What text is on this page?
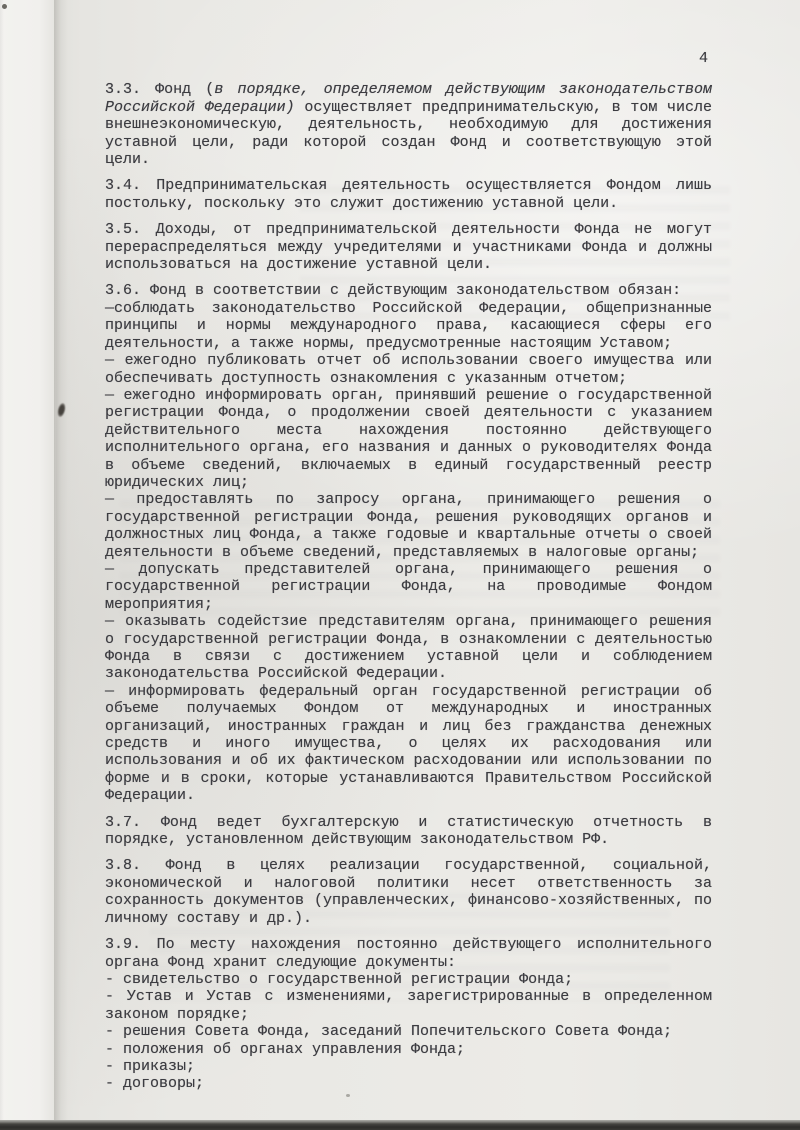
4

3.3. Фонд (в порядке, определяемом действующим законодательством Российской Федерации) осуществляет предпринимательскую, в том числе внешнеэкономическую, деятельность, необходимую для достижения уставной цели, ради которой создан Фонд и соответствующую этой цели.

3.4. Предпринимательская деятельность осуществляется Фондом лишь постольку, поскольку это служит достижению уставной цели.

3.5. Доходы, от предпринимательской деятельности Фонда не могут перераспределяться между учредителями и участниками Фонда и должны использоваться на достижение уставной цели.

3.6. Фонд в соответствии с действующим законодательством обязан:

—соблюдать законодательство Российской Федерации, общепризнанные принципы и нормы международного права, касающиеся сферы его деятельности, а также нормы, предусмотренные настоящим Уставом;

— ежегодно публиковать отчет об использовании своего имущества или обеспечивать доступность ознакомления с указанным отчетом;

— ежегодно информировать орган, принявший решение о государственной регистрации Фонда, о продолжении своей деятельности с указанием действительного места нахождения постоянно действующего исполнительного органа, его названия и данных о руководителях Фонда в объеме сведений, включаемых в единый государственный реестр юридических лиц;

— предоставлять по запросу органа, принимающего решения о государственной регистрации Фонда, решения руководящих органов и должностных лиц Фонда, а также годовые и квартальные отчеты о своей деятельности в объеме сведений, представляемых в налоговые органы;

— допускать представителей органа, принимающего решения о государственной регистрации Фонда, на проводимые Фондом мероприятия;

— оказывать содейстзие представителям органа, принимающего решения о государственной регистрации Фонда, в ознакомлении с деятельностью Фонда в связи с достижением уставной цели и соблюдением законодательства Российской Федерации.

— информировать федеральный орган государственной регистрации об объеме получаемых Фондом от международных и иностранных организаций, иностранных граждан и лиц без гражданства денежных средств и иного имущества, о целях их расходования или использования и об их фактическом расходовании или использовании по форме и в сроки, которые устанавливаются Правительством Российской Федерации.

3.7. Фонд ведет бухгалтерскую и статистическую отчетность в порядке, установленном действующим законодательством РФ.

3.8. Фонд в целях реализации государственной, социальной, экономической и налоговой политики несет ответственность за сохранность документов (управленческих, финансово-хозяйственных, по личному составу и др.).

3.9. По месту нахождения постоянно действующего исполнительного органа Фонд хранит следующие документы:

- свидетельство о государственной регистрации Фонда;

- Устав и Устав с изменениями, зарегистрированные в определенном законом порядке;

- решения Совета Фонда, заседаний Попечительского Совета Фонда;

- положения об органах управления Фонда;

- приказы;

- договоры;
